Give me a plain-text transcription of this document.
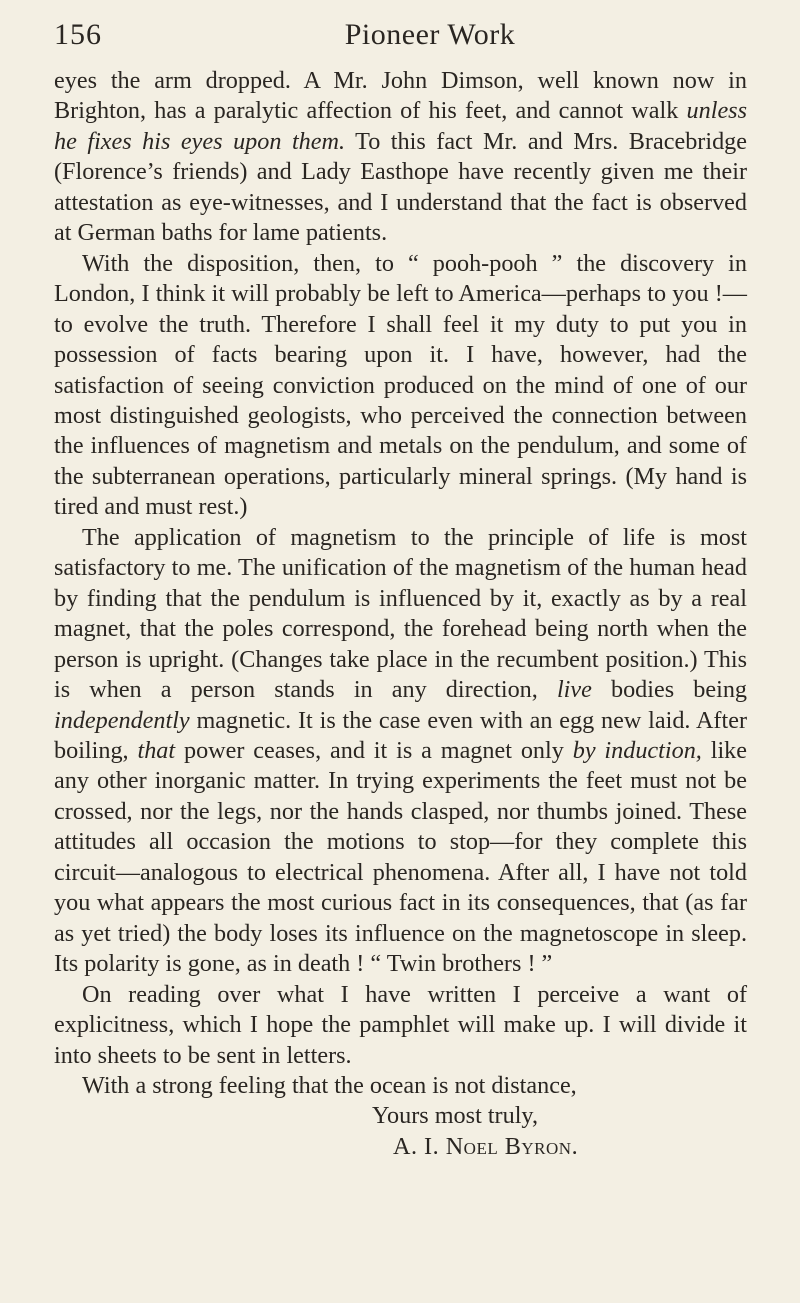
156	Pioneer Work

eyes the arm dropped. A Mr. John Dimson, well known now in Brighton, has a paralytic affection of his feet, and cannot walk unless he fixes his eyes upon them. To this fact Mr. and Mrs. Bracebridge (Florence’s friends) and Lady Easthope have recently given me their attestation as eye-witnesses, and I understand that the fact is observed at German baths for lame patients.

With the disposition, then, to “ pooh-pooh ” the discovery in London, I think it will probably be left to America—perhaps to you !—to evolve the truth. Therefore I shall feel it my duty to put you in possession of facts bearing upon it. I have, however, had the satisfaction of seeing conviction produced on the mind of one of our most distinguished geologists, who perceived the connection between the influences of magnetism and metals on the pendulum, and some of the subterranean operations, particularly mineral springs. (My hand is tired and must rest.)

The application of magnetism to the principle of life is most satisfactory to me. The unification of the magnetism of the human head by finding that the pendulum is influenced by it, exactly as by a real magnet, that the poles correspond, the forehead being north when the person is upright. (Changes take place in the recumbent position.) This is when a person stands in any direction, live bodies being independently magnetic. It is the case even with an egg new laid. After boiling, that power ceases, and it is a magnet only by induction, like any other inorganic matter. In trying experiments the feet must not be crossed, nor the legs, nor the hands clasped, nor thumbs joined. These attitudes all occasion the motions to stop—for they complete this circuit—analogous to electrical phenomena. After all, I have not told you what appears the most curious fact in its consequences, that (as far as yet tried) the body loses its influence on the magnetoscope in sleep. Its polarity is gone, as in death ! “ Twin brothers ! ”

On reading over what I have written I perceive a want of explicitness, which I hope the pamphlet will make up. I will divide it into sheets to be sent in letters.

With a strong feeling that the ocean is not distance,

Yours most truly,

A. I. Noel Byron.
